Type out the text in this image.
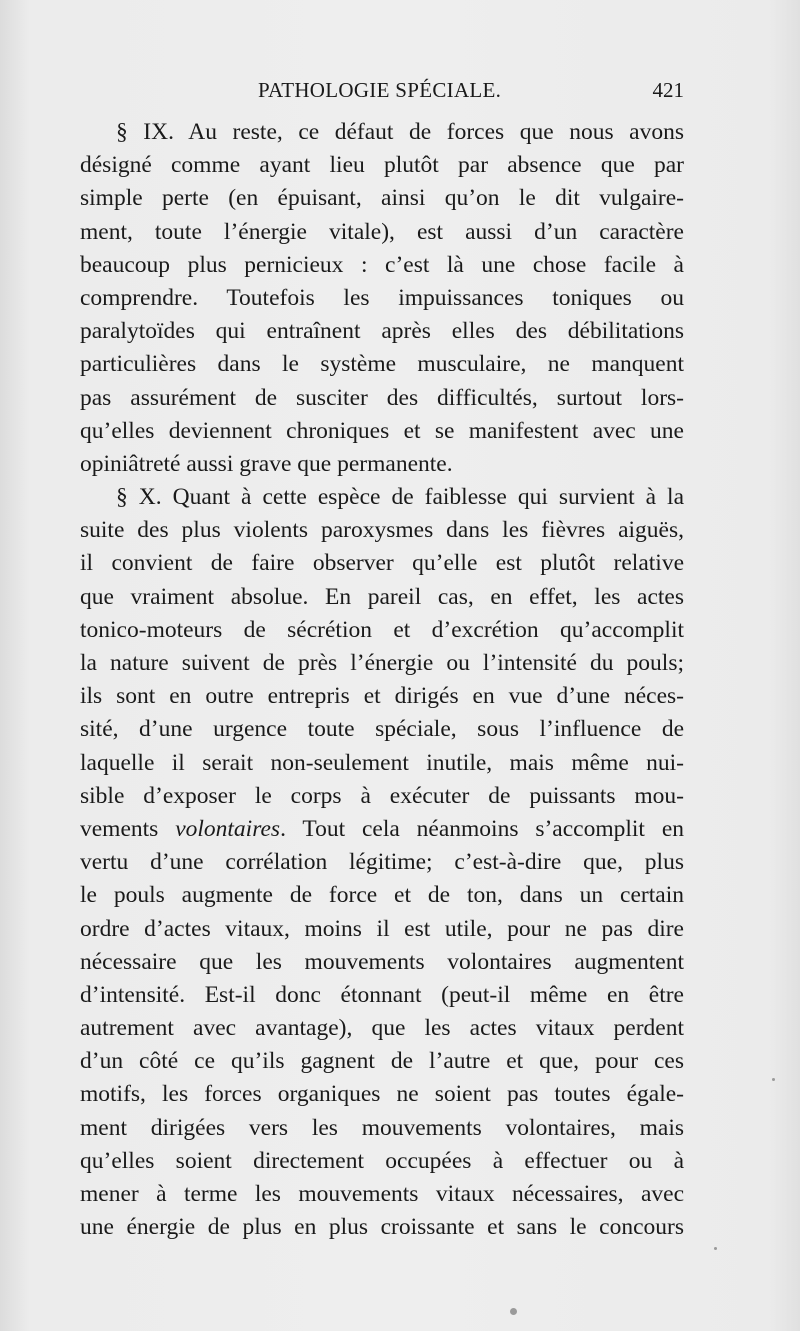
PATHOLOGIE SPÉCIALE.	421
§ IX. Au reste, ce défaut de forces que nous avons
désigné comme ayant lieu plutôt par absence que par
simple perte (en épuisant, ainsi qu’on le dit vulgaire-
ment, toute l’énergie vitale), est aussi d’un caractère
beaucoup plus pernicieux : c’est là une chose facile à
comprendre. Toutefois les impuissances toniques ou
paralytoïdes qui entraînent après elles des débilitations
particulières dans le système musculaire, ne manquent
pas assurément de susciter des difficultés, surtout lors-
qu’elles deviennent chroniques et se manifestent avec une
opiniâtreté aussi grave que permanente.
§ X. Quant à cette espèce de faiblesse qui survient à la
suite des plus violents paroxysmes dans les fièvres aiguës,
il convient de faire observer qu’elle est plutôt relative
que vraiment absolue. En pareil cas, en effet, les actes
tonico-moteurs de sécrétion et d’excrétion qu’accomplit
la nature suivent de près l’énergie ou l’intensité du pouls;
ils sont en outre entrepris et dirigés en vue d’une néces-
sité, d’une urgence toute spéciale, sous l’influence de
laquelle il serait non-seulement inutile, mais même nui-
sible d’exposer le corps à exécuter de puissants mou-
vements volontaires. Tout cela néanmoins s’accomplit en
vertu d’une corrélation légitime; c’est-à-dire que, plus
le pouls augmente de force et de ton, dans un certain
ordre d’actes vitaux, moins il est utile, pour ne pas dire
nécessaire que les mouvements volontaires augmentent
d’intensité. Est-il donc étonnant (peut-il même en être
autrement avec avantage), que les actes vitaux perdent
d’un côté ce qu’ils gagnent de l’autre et que, pour ces
motifs, les forces organiques ne soient pas toutes égale-
ment dirigées vers les mouvements volontaires, mais
qu’elles soient directement occupées à effectuer ou à
mener à terme les mouvements vitaux nécessaires, avec
une énergie de plus en plus croissante et sans le concours
